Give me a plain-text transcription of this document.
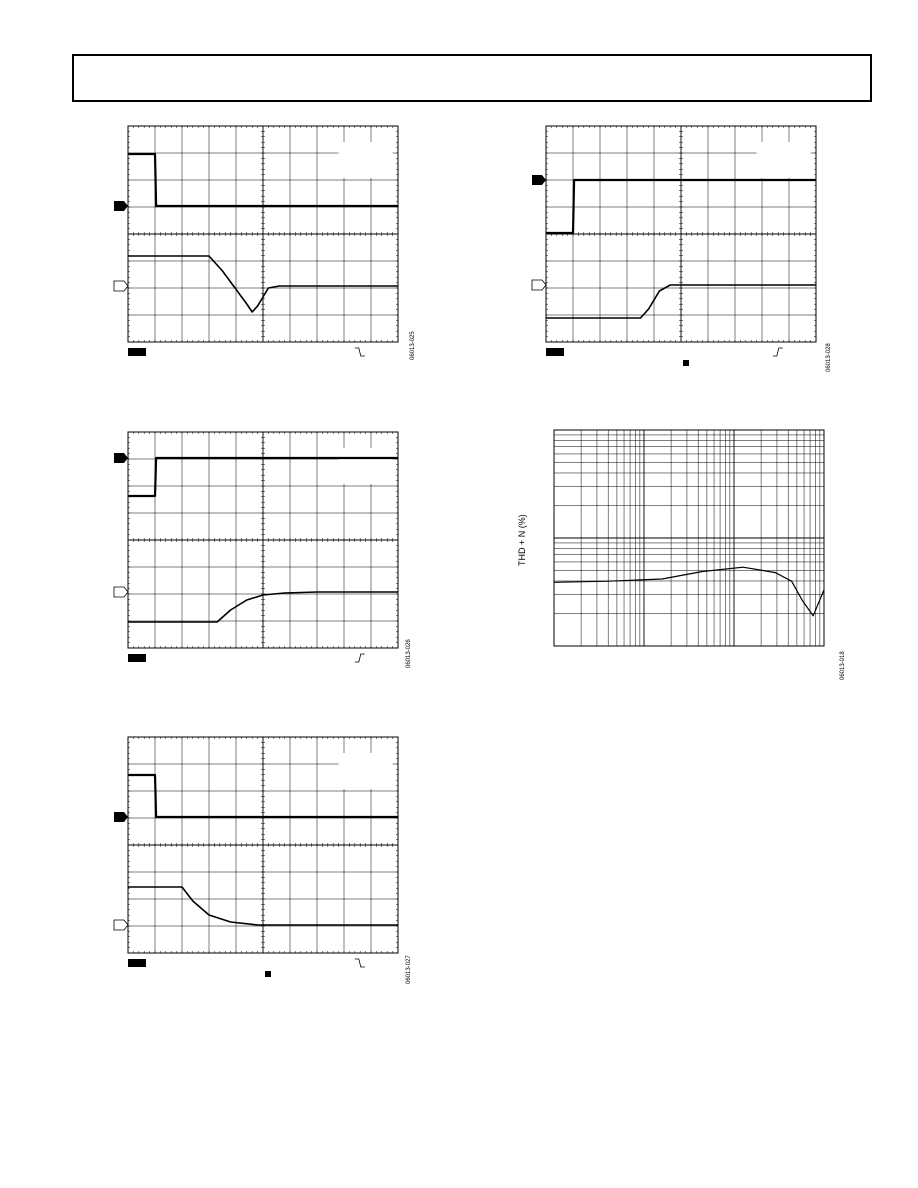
06013-025
06013-026
06013-027
06013-028
THD + N (%)
06013-018
